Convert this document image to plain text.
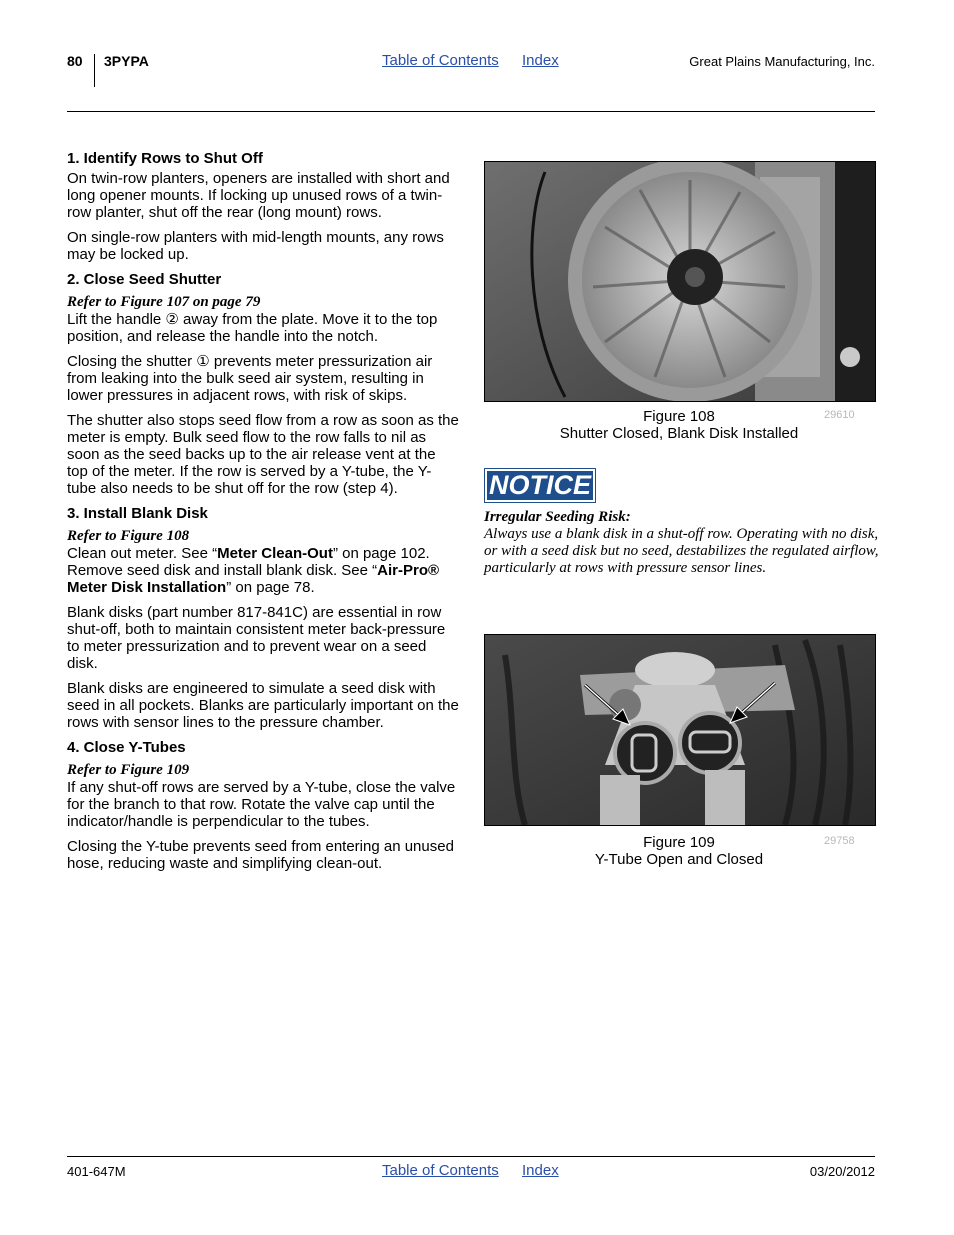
80 3PYPA	Table of Contents Index	Great Plains Manufacturing, Inc.
1. Identify Rows to Shut Off

On twin-row planters, openers are installed with short and long opener mounts. If locking up unused rows of a twin-row planter, shut off the rear (long mount) rows.

On single-row planters with mid-length mounts, any rows may be locked up.

2. Close Seed Shutter
Refer to Figure 107 on page 79

Lift the handle ② away from the plate. Move it to the top position, and release the handle into the notch.

Closing the shutter ① prevents meter pressurization air from leaking into the bulk seed air system, resulting in lower pressures in adjacent rows, with risk of skips.

The shutter also stops seed flow from a row as soon as the meter is empty. Bulk seed flow to the row falls to nil as soon as the seed backs up to the air release vent at the top of the meter. If the row is served by a Y-tube, the Y-tube also needs to be shut off for the row (step 4).

3. Install Blank Disk
Refer to Figure 108

Clean out meter. See “Meter Clean-Out” on page 102. Remove seed disk and install blank disk. See “Air-Pro® Meter Disk Installation” on page 78.

Blank disks (part number 817-841C) are essential in row shut-off, both to maintain consistent meter back-pressure to meter pressurization and to prevent wear on a seed disk.

Blank disks are engineered to simulate a seed disk with seed in all pockets. Blanks are particularly important on the rows with sensor lines to the pressure chamber.

4. Close Y-Tubes
Refer to Figure 109

If any shut-off rows are served by a Y-tube, close the valve for the branch to that row. Rotate the valve cap until the indicator/handle is perpendicular to the tubes.

Closing the Y-tube prevents seed from entering an unused hose, reducing waste and simplifying clean-out.

Figure 108
Shutter Closed, Blank Disk Installed
29610
NOTICE
Irregular Seeding Risk:
Always use a blank disk in a shut-off row. Operating with no disk, or with a seed disk but no seed, destabilizes the regulated airflow, particularly at rows with pressure sensor lines.
Figure 109
Y-Tube Open and Closed
29758
401-647M	Table of Contents Index	03/20/2012
